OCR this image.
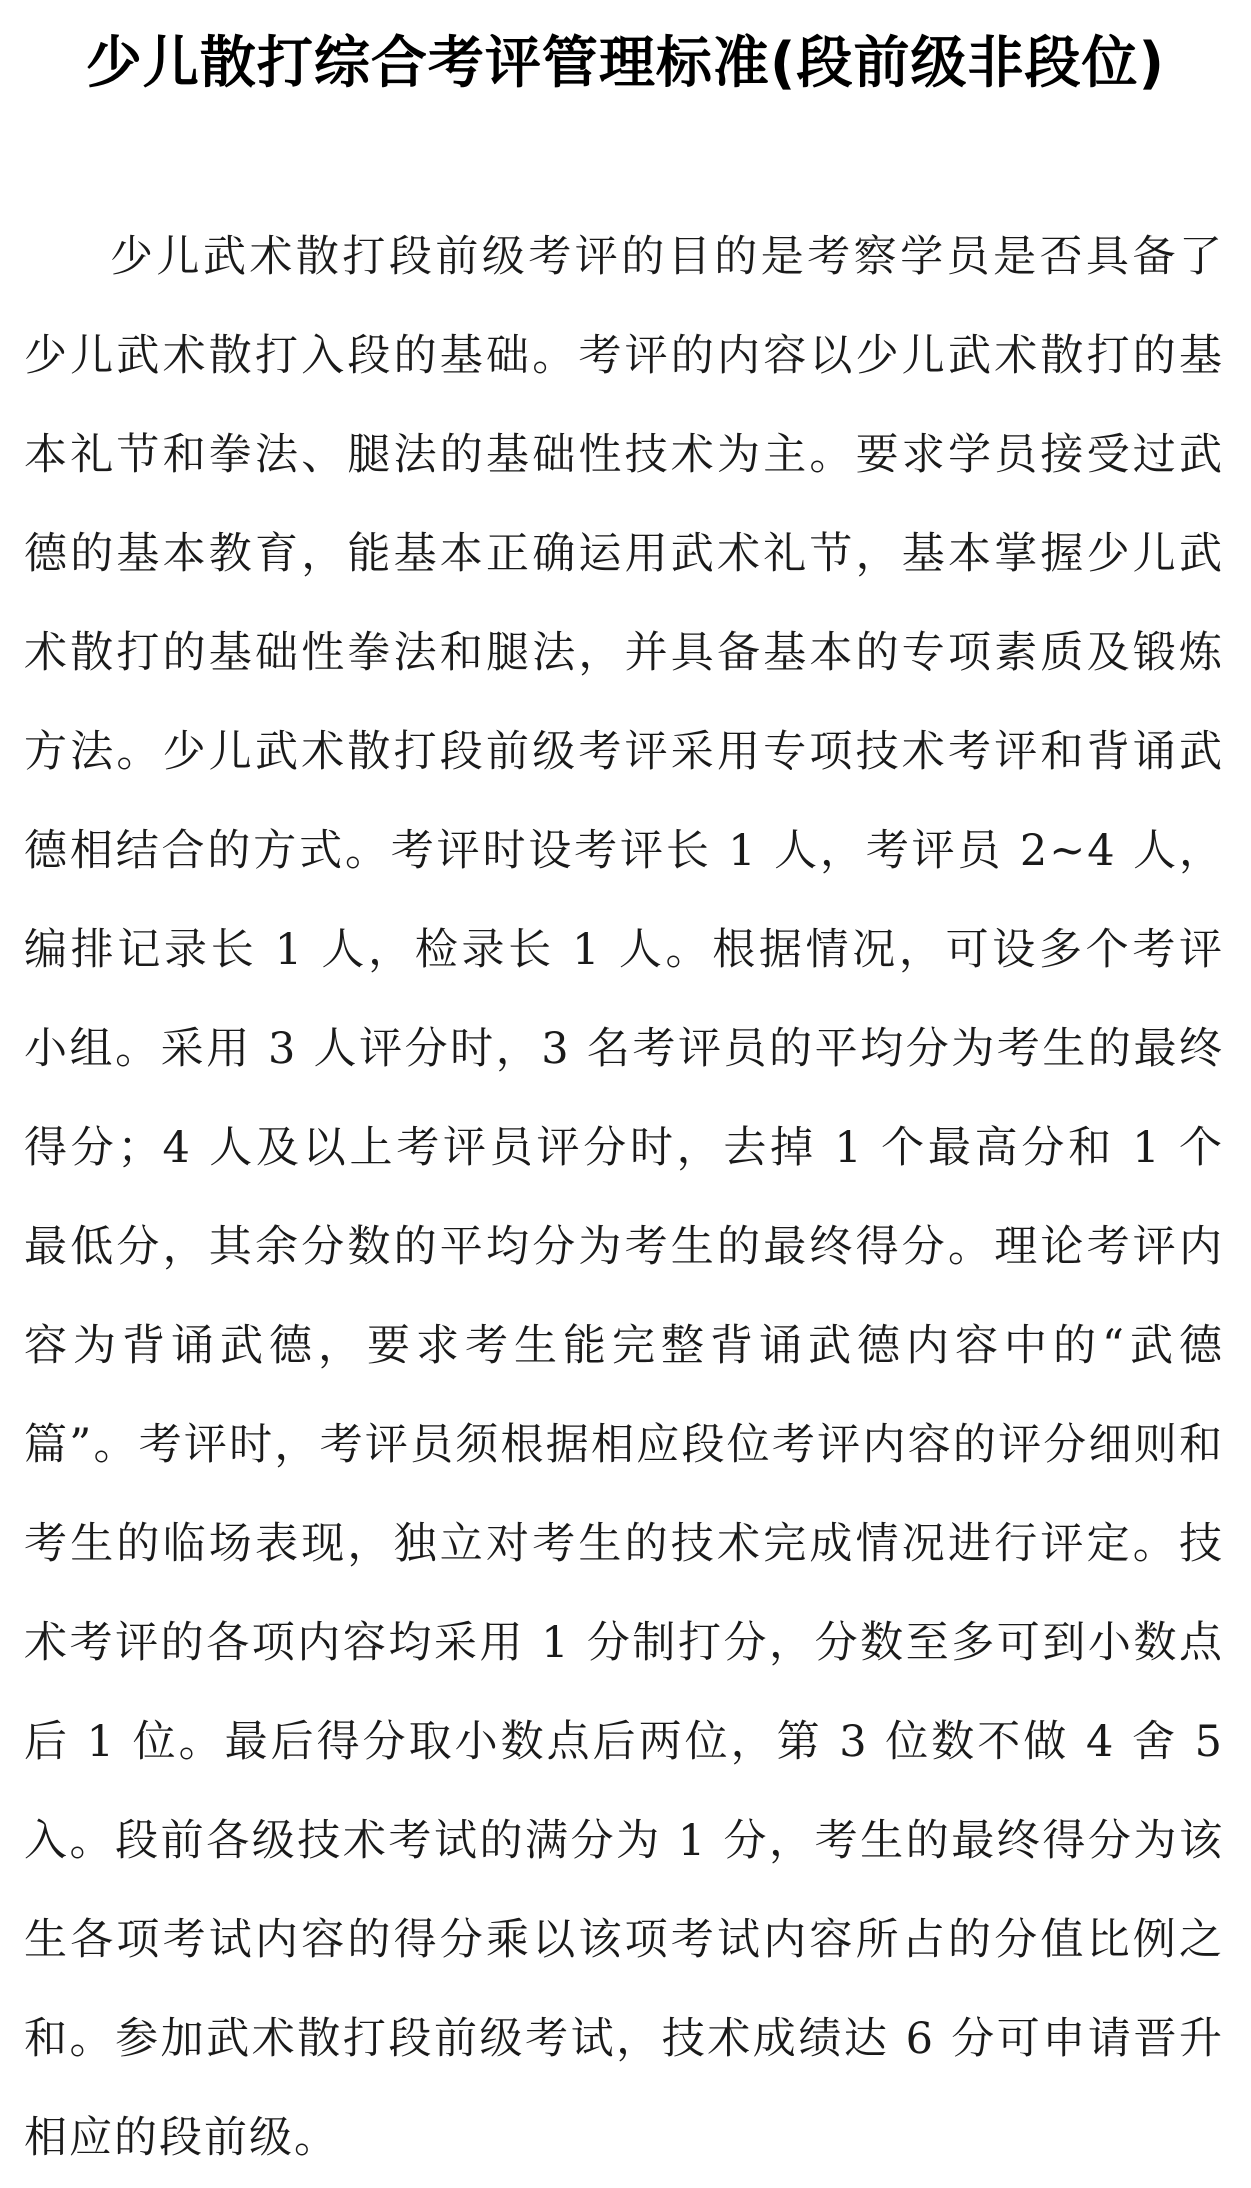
少儿散打综合考评管理标准(段前级非段位)

少儿武术散打段前级考评的目的是考察学员是否具备了少儿武术散打入段的基础。考评的内容以少儿武术散打的基本礼节和拳法、腿法的基础性技术为主。要求学员接受过武德的基本教育，能基本正确运用武术礼节，基本掌握少儿武术散打的基础性拳法和腿法，并具备基本的专项素质及锻炼方法。少儿武术散打段前级考评采用专项技术考评和背诵武德相结合的方式。考评时设考评长 1 人，考评员 2~4 人，编排记录长 1 人，检录长 1 人。根据情况，可设多个考评小组。采用 3 人评分时，3 名考评员的平均分为考生的最终得分；4 人及以上考评员评分时，去掉 1 个最高分和 1 个最低分，其余分数的平均分为考生的最终得分。理论考评内容为背诵武德，要求考生能完整背诵武德内容中的“武德篇”。考评时，考评员须根据相应段位考评内容的评分细则和考生的临场表现，独立对考生的技术完成情况进行评定。技术考评的各项内容均采用 1 分制打分，分数至多可到小数点后 1 位。最后得分取小数点后两位，第 3 位数不做 4 舍 5 入。段前各级技术考试的满分为 1 分，考生的最终得分为该生各项考试内容的得分乘以该项考试内容所占的分值比例之和。参加武术散打段前级考试，技术成绩达 6 分可申请晋升相应的段前级。
